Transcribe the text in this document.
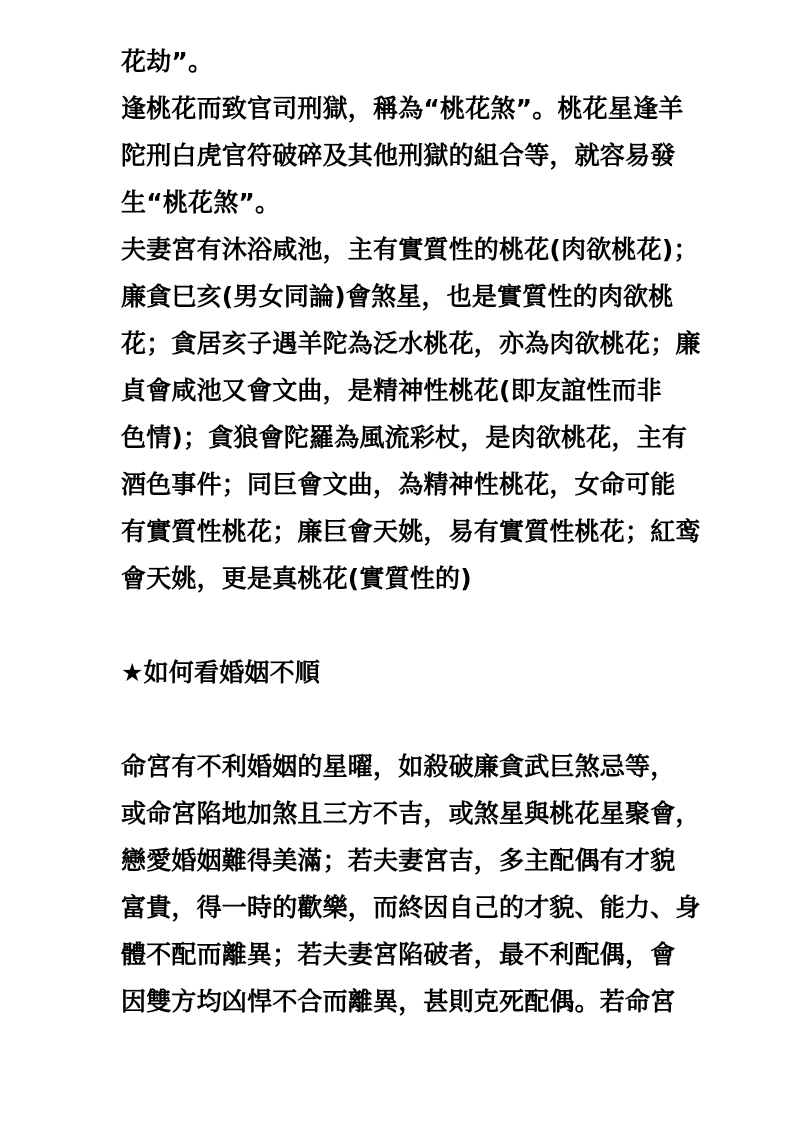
花劫”。
逢桃花而致官司刑獄，稱為“桃花煞”。桃花星逢羊
陀刑白虎官符破碎及其他刑獄的組合等，就容易發
生“桃花煞”。
夫妻宮有沐浴咸池，主有實質性的桃花(肉欲桃花)；
廉貪巳亥(男女同論)會煞星，也是實質性的肉欲桃
花；貪居亥子遇羊陀為泛水桃花，亦為肉欲桃花；廉
貞會咸池又會文曲，是精神性桃花(即友誼性而非
色情)；貪狼會陀羅為風流彩杖，是肉欲桃花，主有
酒色事件；同巨會文曲，為精神性桃花，女命可能
有實質性桃花；廉巨會天姚，易有實質性桃花；紅鸾
會天姚，更是真桃花(實質性的)
★如何看婚姻不順
命宮有不利婚姻的星曜，如殺破廉貪武巨煞忌等，
或命宮陷地加煞且三方不吉，或煞星與桃花星聚會，
戀愛婚姻難得美滿；若夫妻宮吉，多主配偶有才貌
富貴，得一時的歡樂，而終因自己的才貌、能力、身
體不配而離異；若夫妻宮陷破者，最不利配偶，會
因雙方均凶悍不合而離異，甚則克死配偶。若命宮
